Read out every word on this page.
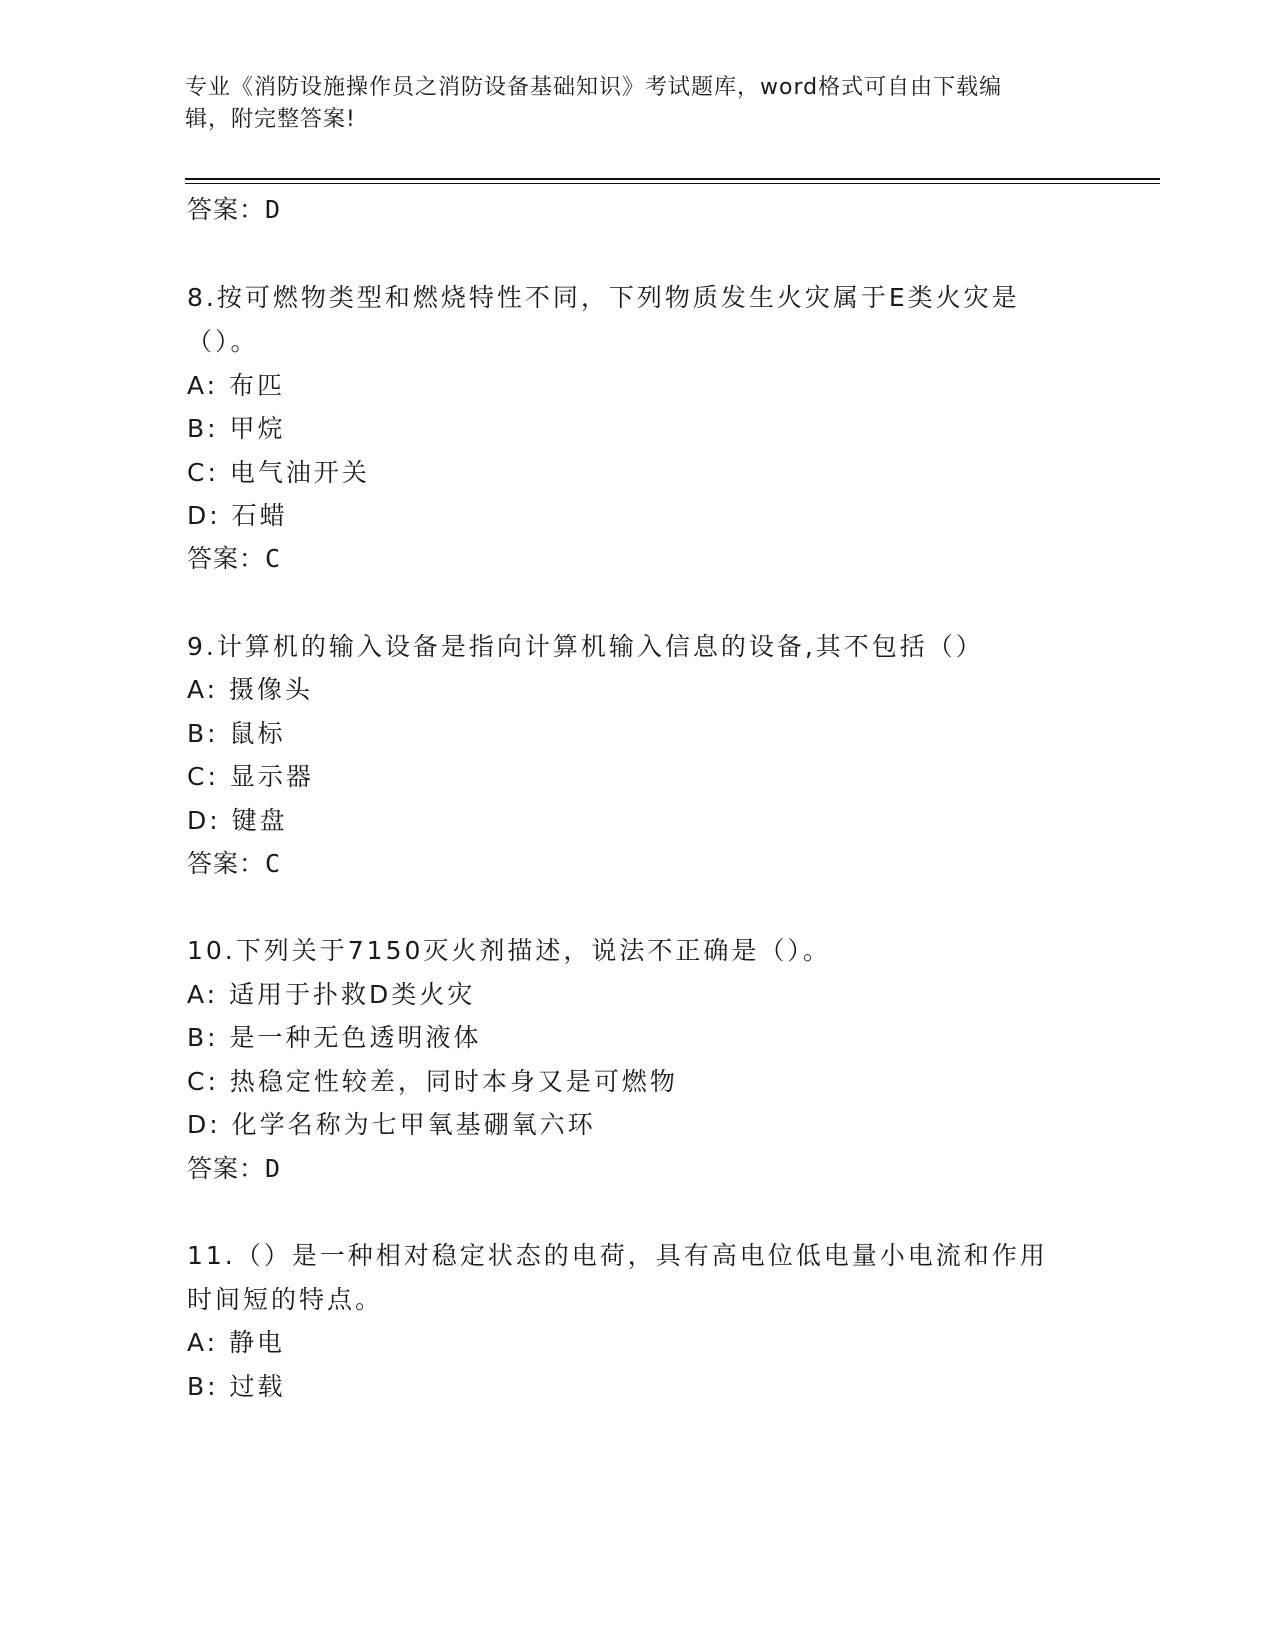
专业《消防设施操作员之消防设备基础知识》考试题库，word格式可自由下载编
辑，附完整答案!
答案：D
8.按可燃物类型和燃烧特性不同，下列物质发生火灾属于E类火灾是
（）。
A: 布匹
B: 甲烷
C: 电气油开关
D: 石蜡
答案：C
9.计算机的输入设备是指向计算机输入信息的设备,其不包括（）
A: 摄像头
B: 鼠标
C: 显示器
D: 键盘
答案：C
10.下列关于7150灭火剂描述，说法不正确是（）。
A: 适用于扑救D类火灾
B: 是一种无色透明液体
C: 热稳定性较差，同时本身又是可燃物
D: 化学名称为七甲氧基硼氧六环
答案：D
11.（）是一种相对稳定状态的电荷，具有高电位低电量小电流和作用
时间短的特点。
A: 静电
B: 过载
